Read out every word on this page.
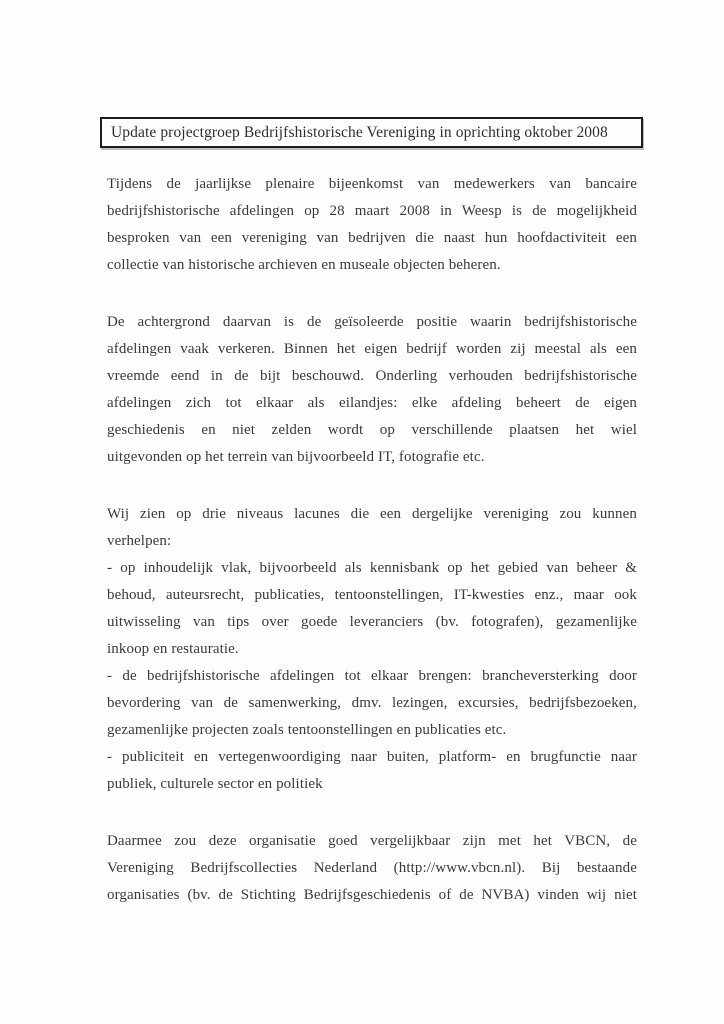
Update projectgroep Bedrijfshistorische Vereniging in oprichting oktober 2008
Tijdens de jaarlijkse plenaire bijeenkomst van medewerkers van bancaire
bedrijfshistorische afdelingen op 28 maart 2008 in Weesp is de mogelijkheid
besproken van een vereniging van bedrijven die naast hun hoofdactiviteit een
collectie van historische archieven en museale objecten beheren.
De achtergrond daarvan is de geïsoleerde positie waarin bedrijfshistorische
afdelingen vaak verkeren. Binnen het eigen bedrijf worden zij meestal als een
vreemde eend in de bijt beschouwd. Onderling verhouden bedrijfshistorische
afdelingen zich tot elkaar als eilandjes: elke afdeling beheert de eigen
geschiedenis en niet zelden wordt op verschillende plaatsen het wiel
uitgevonden op het terrein van bijvoorbeeld IT, fotografie etc.
Wij zien op drie niveaus lacunes die een dergelijke vereniging zou kunnen
verhelpen:
- op inhoudelijk vlak, bijvoorbeeld als kennisbank op het gebied van beheer &
behoud, auteursrecht, publicaties, tentoonstellingen, IT-kwesties enz., maar ook
uitwisseling van tips over goede leveranciers (bv. fotografen), gezamenlijke
inkoop en restauratie.
- de bedrijfshistorische afdelingen tot elkaar brengen: brancheversterking door
bevordering van de samenwerking, dmv. lezingen, excursies, bedrijfsbezoeken,
gezamenlijke projecten zoals tentoonstellingen en publicaties etc.
- publiciteit en vertegenwoordiging naar buiten, platform- en brugfunctie naar
publiek, culturele sector en politiek
Daarmee zou deze organisatie goed vergelijkbaar zijn met het VBCN, de
Vereniging Bedrijfscollecties Nederland (http://www.vbcn.nl). Bij bestaande
organisaties (bv. de Stichting Bedrijfsgeschiedenis of de NVBA) vinden wij niet
